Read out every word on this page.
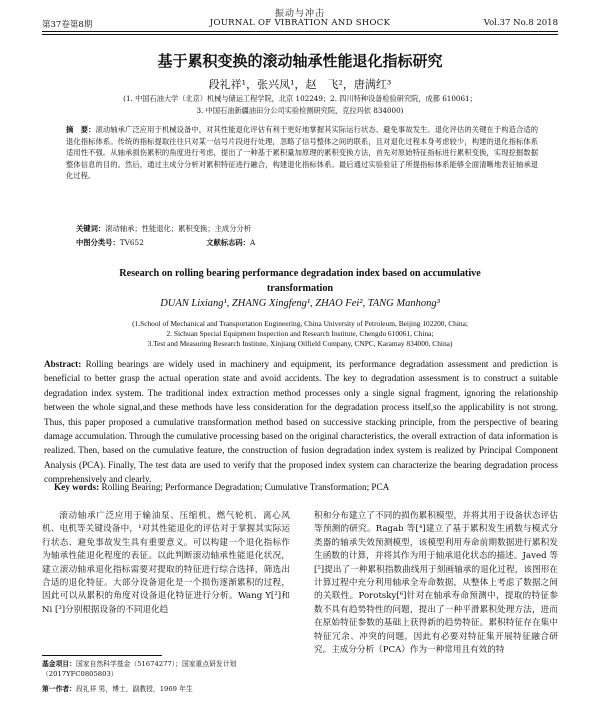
振动与冲击
第37卷第8期	JOURNAL OF VIBRATION AND SHOCK	Vol.37 No.8 2018
基于累积变换的滚动轴承性能退化指标研究
段礼祥¹，张兴凤¹，赵　飞²，唐满红³
(1. 中国石油大学（北京）机械与储运工程学院，北京 102249；2. 四川特种设备检验研究院，成都 610061；
3. 中国石油新疆油田分公司实验检测研究院，克拉玛依 834000)
摘　要：滚动轴承广泛应用于机械设备中，对其性能退化评估有利于更好地掌握其实际运行状态、避免事故发生。退化评估的关键在于构造合适的退化指标体系。传统的指标提取往往只对某一信号片段进行处理，忽略了信号整体之间的联系，且对退化过程本身考虑较少，构建的退化指标体系适用性不强。从轴承损伤累积的角度进行考虑，提出了一种基于累积量加原理的累积变换方法，首先对原始特征指标进行累积变换，实现挖掘数据整体信息的目的。然后，通过主成分分析对累积特征进行融合，构建退化指标体系。最后通过实验验证了所提指标体系能够全面清晰地表征轴承退化过程。
关键词：滚动轴承；性能退化；累积变换；主成分分析
中图分类号：TV652	文献标志码：A
Research on rolling bearing performance degradation index based on accumulative transformation
DUAN Lixiang¹, ZHANG Xingfeng¹, ZHAO Fei², TANG Manhong³
(1.School of Mechanical and Transportation Engineering, China University of Petroleum, Beijing 102200, China;
2. Sichuan Special Equipment Inspection and Research Institute, Chengdu 610061, China;
3.Test and Measuring Research Institute, Xinjiang Oilfield Company, CNPC, Karamay 834000, China)
Abstract: Rolling bearings are widely used in machinery and equipment, its performance degradation assessment and prediction is beneficial to better grasp the actual operation state and avoid accidents. The key to degradation assessment is to construct a suitable degradation index system. The traditional index extraction method processes only a single signal fragment, ignoring the relationship between the whole signal,and these methods have less consideration for the degradation process itself,so the applicability is not strong. Thus, this paper proposed a cumulative transformation method based on successive stacking principle, from the perspective of bearing damage accumulation. Through the cumulative processing based on the original characteristics, the overall extraction of data information is realized. Then, based on the cumulative feature, the construction of fusion degradation index system is realized by Principal Component Analysis (PCA). Finally, The test data are used to verify that the proposed index system can characterize the bearing degradation process comprehensively and clearly.
Key words: Rolling Bearing; Performance Degradation; Cumulative Transformation; PCA

滚动轴承广泛应用于输油泵、压缩机、燃气轮机、离心风机、电机等关键设备中，¹对其性能退化的评估对于掌握其实际运行状态、避免事故发生具有重要意义。可以构建一个退化指标作为轴承性能退化程度的表征。以此判断滚动轴承性能退化状况，建立滚动轴承退化指标需要对提取的特征进行综合选择，筛选出合适的退化特征。大部分设备退化是一个损伤逐渐累积的过程，因此可以从累积的角度对设备退化特征进行分析。Wang Y[²]和 Ni [³]分别根据设备的不同退化趋

积和分布建立了不同的损伤累积模型，并将其用于设备状态评估等预测的研究。Ragab 等[⁴]建立了基于累积发生函数与模式分类器的轴承失效预测模型，该模型利用寿命前期数据进行累积发生函数的计算，并将其作为用于轴承退化状态的描述。Javed 等[⁵]提出了一种累积指数曲线用于刻画轴承的退化过程，该图形在计算过程中充分利用轴承全寿命数据，从整体上考虑了数据之间的关联性。Porotsky[⁶]针对在轴承寿命预测中，提取的特征参数不具有趋势特性的问题，提出了一种平滑累积处理方法，进而在原始特征参数的基础上获得新的趋势特征。累积特征存在集中特征冗余、冲突的问题，因此有必要对特征集开展特征融合研究。主成分分析（PCA）作为一种常用且有效的特

基金项目：国家自然科学基金（51674277）；国家重点研发计划（2017YFC0805803）
第一作者：段礼祥 男，博士，副教授，1969 年生
